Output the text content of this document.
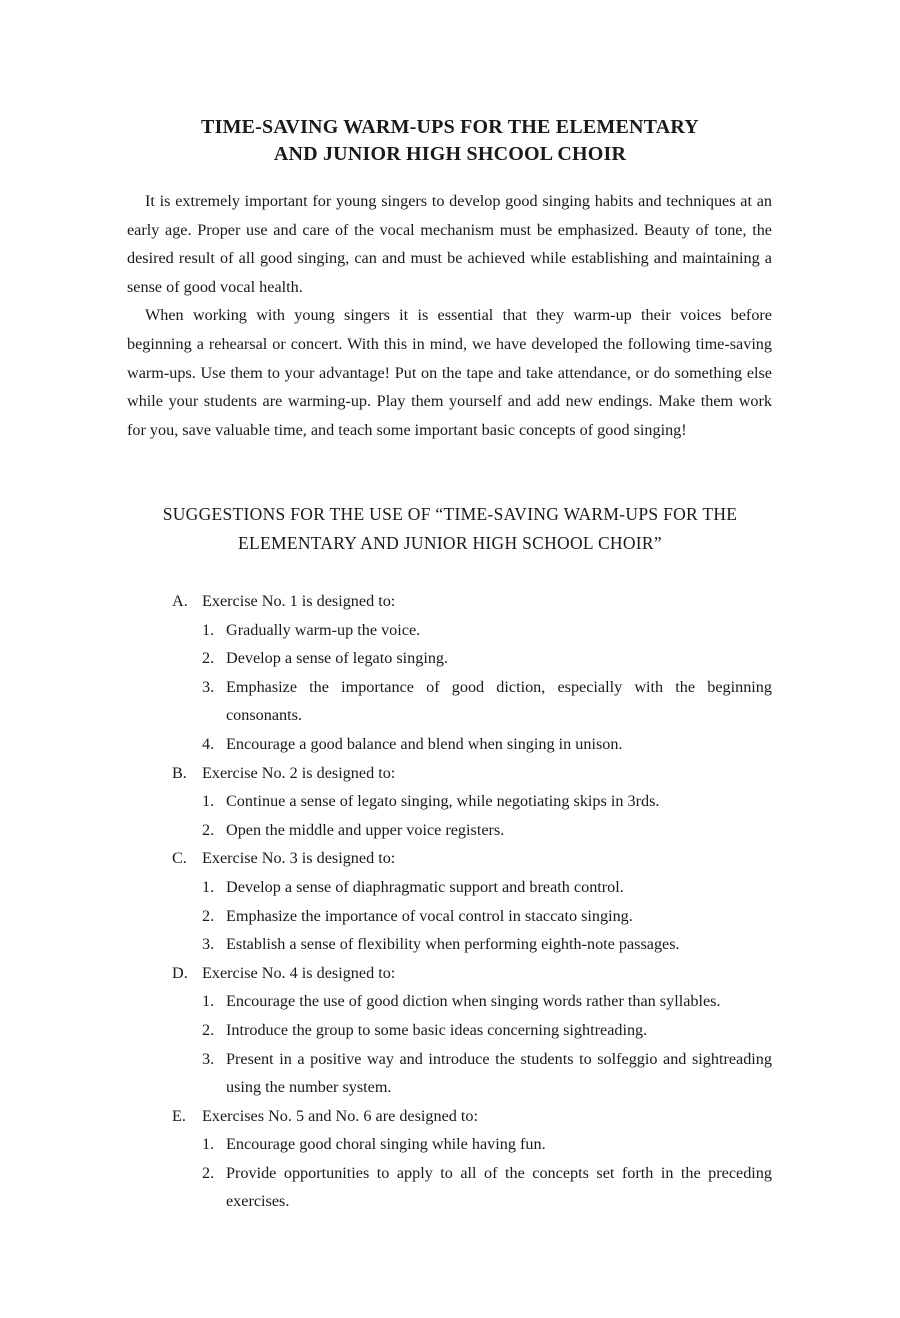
TIME-SAVING WARM-UPS FOR THE ELEMENTARY
AND JUNIOR HIGH SHCOOL CHOIR

It is extremely important for young singers to develop good singing habits and techniques at an early age. Proper use and care of the vocal mechanism must be emphasized. Beauty of tone, the desired result of all good singing, can and must be achieved while establishing and maintaining a sense of good vocal health.

When working with young singers it is essential that they warm-up their voices before beginning a rehearsal or concert. With this in mind, we have developed the following time-saving warm-ups. Use them to your advantage! Put on the tape and take attendance, or do something else while your students are warming-up. Play them yourself and add new endings. Make them work for you, save valuable time, and teach some important basic concepts of good singing!

SUGGESTIONS FOR THE USE OF “TIME-SAVING WARM-UPS FOR THE
ELEMENTARY AND JUNIOR HIGH SCHOOL CHOIR”
A. Exercise No. 1 is designed to:
1. Gradually warm-up the voice.
2. Develop a sense of legato singing.
3. Emphasize the importance of good diction, especially with the beginning consonants.
4. Encourage a good balance and blend when singing in unison.
B. Exercise No. 2 is designed to:
1. Continue a sense of legato singing, while negotiating skips in 3rds.
2. Open the middle and upper voice registers.
C. Exercise No. 3 is designed to:
1. Develop a sense of diaphragmatic support and breath control.
2. Emphasize the importance of vocal control in staccato singing.
3. Establish a sense of flexibility when performing eighth-note passages.
D. Exercise No. 4 is designed to:
1. Encourage the use of good diction when singing words rather than syllables.
2. Introduce the group to some basic ideas concerning sightreading.
3. Present in a positive way and introduce the students to solfeggio and sightreading using the number system.
E. Exercises No. 5 and No. 6 are designed to:
1. Encourage good choral singing while having fun.
2. Provide opportunities to apply to all of the concepts set forth in the preceding exercises.
